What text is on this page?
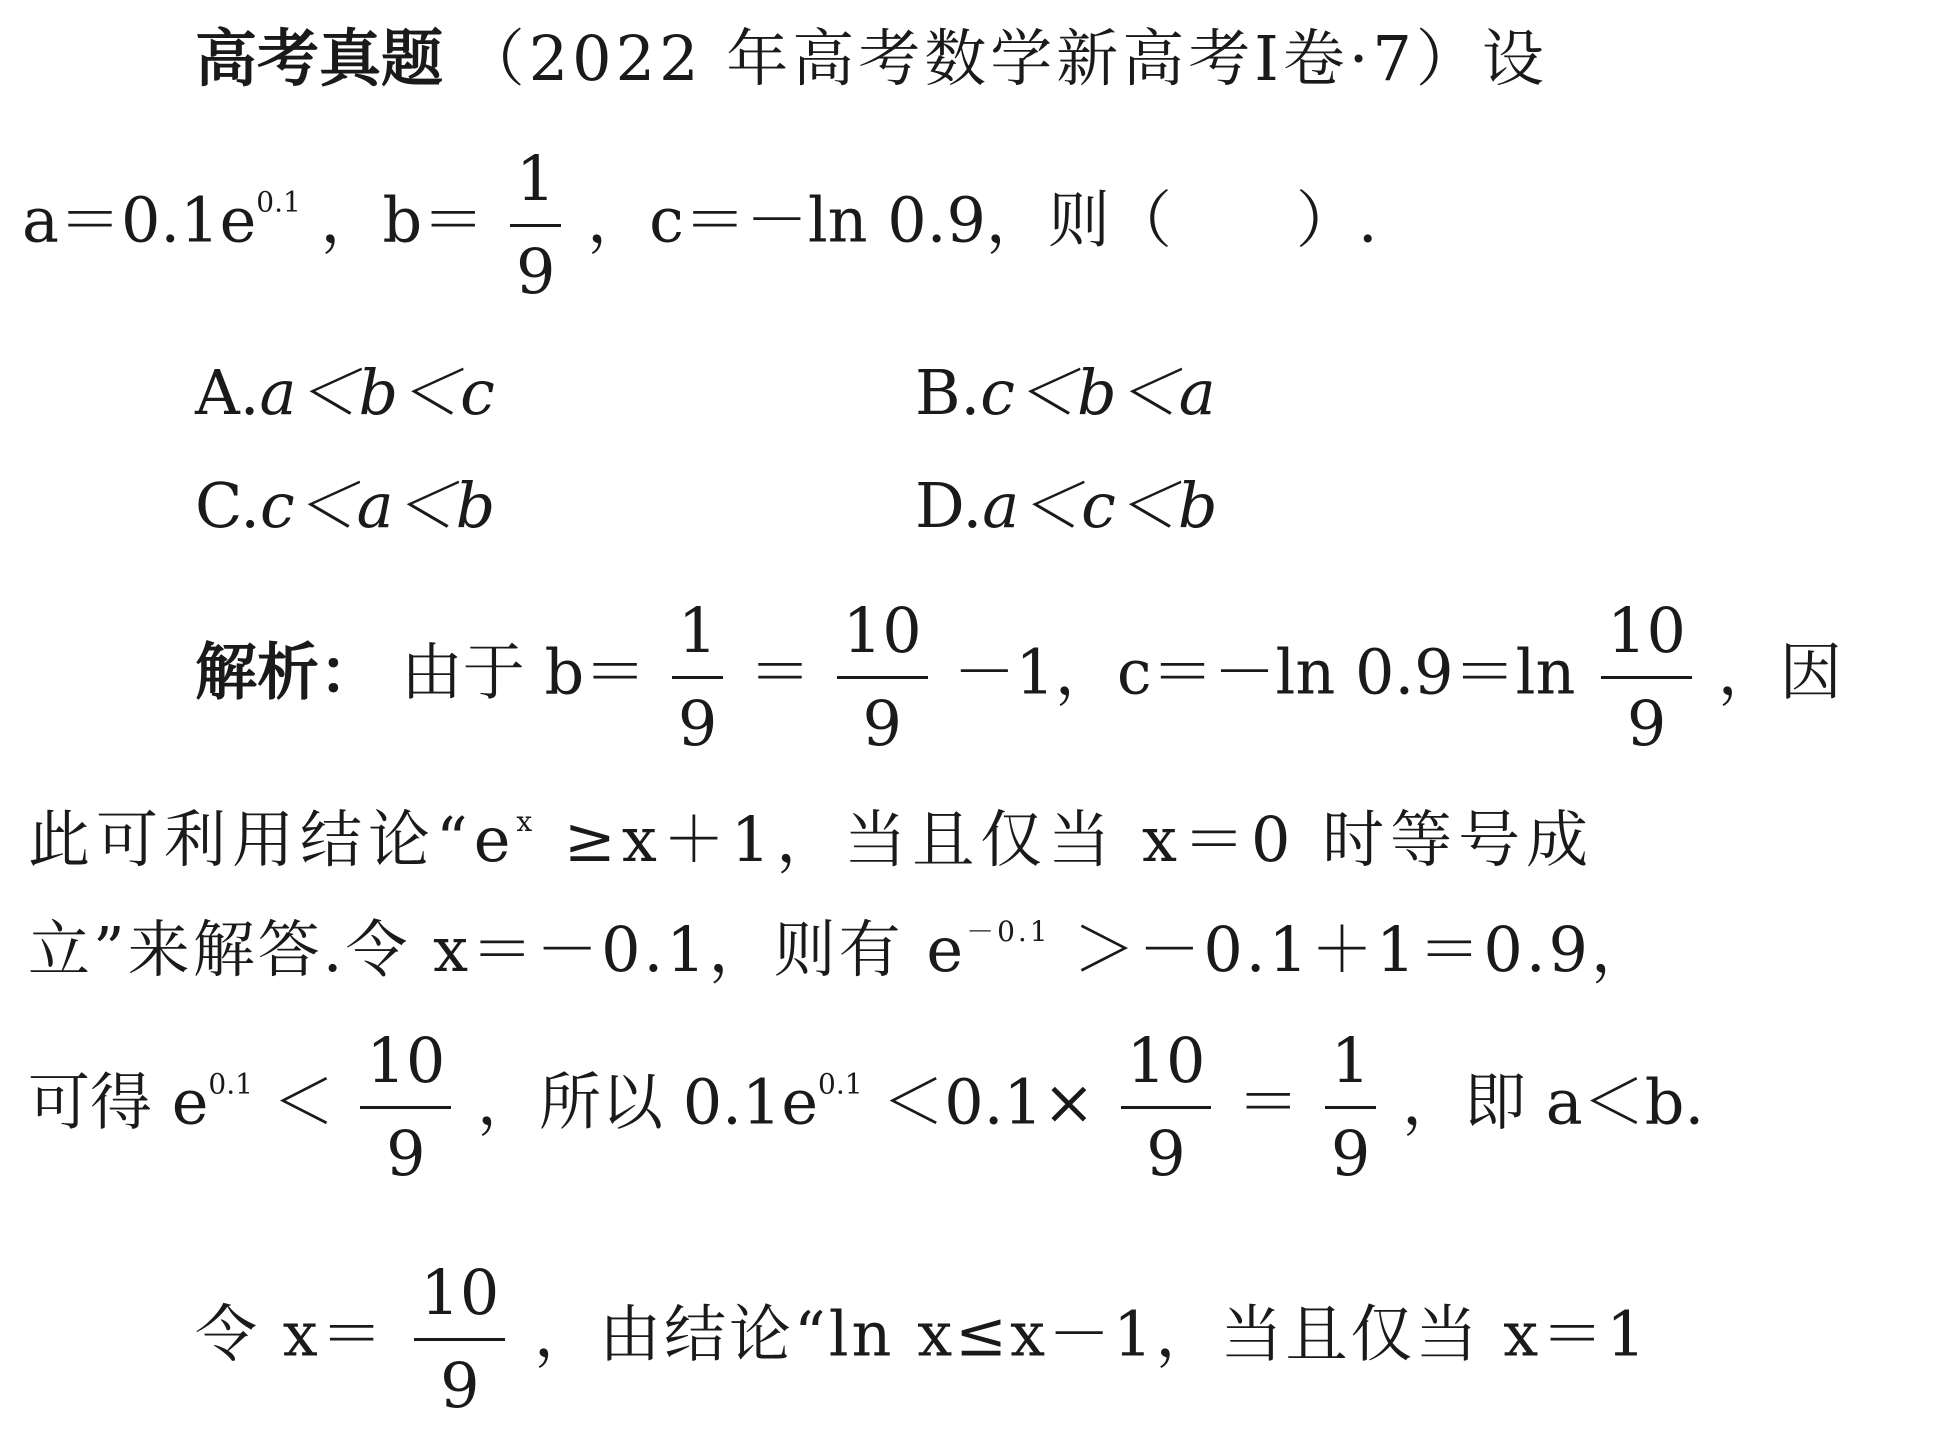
高考真题 （2022 年高考数学新高考Ⅰ卷·7）设
$a=0.1e^{0.1}$ ，$b= \frac{1}{9}$ ，c＝－ln 0.9，则（　　）.
A.a＜b＜c	B.c＜b＜a
C.c＜a＜b	D.a＜c＜b
解析： 由于 $b= \frac{1}{9} = \frac{10}{9} -1$，c＝－ln $0.9=\ln \frac{10}{9}$ ，因
此可利用结论“$e^x \ge x+1$，当且仅当 x＝0 时等号成
立”来解答.令 x＝－0.1，则有 $e^{-0.1} >-0.1+1=0.9$，
可得 $e^{0.1} < \frac{10}{9}$ ，所以 $0.1e^{0.1} <0.1\times \frac{10}{9} = \frac{1}{9}$ ，即 a＜b.
令 $x= \frac{10}{9}$ ，由结论“ln x≤x－1，当且仅当 x＝1
